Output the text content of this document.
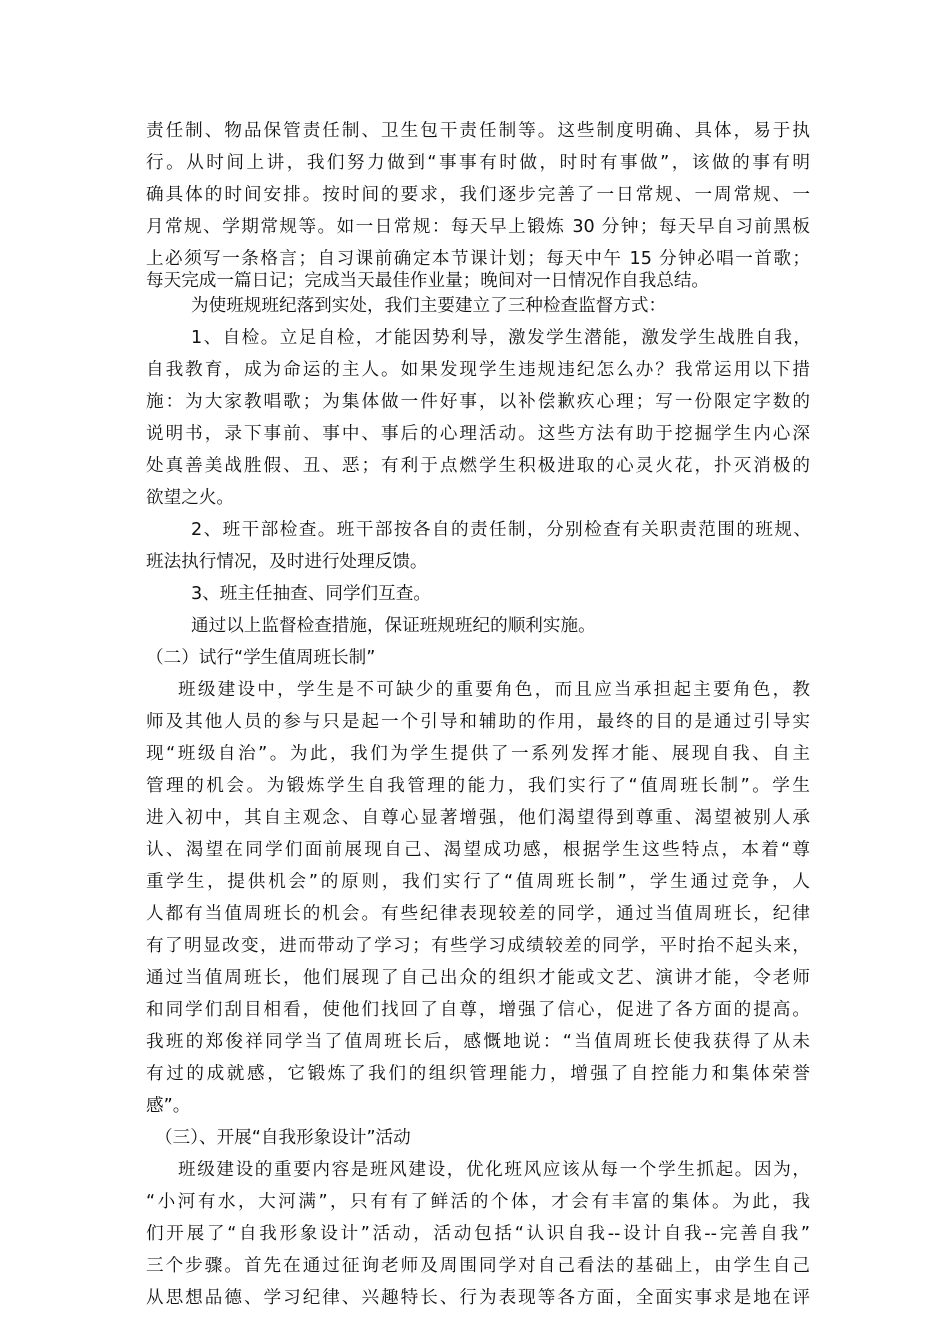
责任制、物品保管责任制、卫生包干责任制等。这些制度明确、具体，易于执
行。从时间上讲，我们努力做到“事事有时做，时时有事做”，该做的事有明
确具体的时间安排。按时间的要求，我们逐步完善了一日常规、一周常规、一
月常规、学期常规等。如一日常规：每天早上锻炼 30 分钟；每天早自习前黑板
上必须写一条格言；自习课前确定本节课计划；每天中午 15 分钟必唱一首歌；
每天完成一篇日记；完成当天最佳作业量；晚间对一日情况作自我总结。
为使班规班纪落到实处，我们主要建立了三种检查监督方式：
1、自检。立足自检，才能因势利导，激发学生潜能，激发学生战胜自我，
自我教育，成为命运的主人。如果发现学生违规违纪怎么办？我常运用以下措
施：为大家教唱歌；为集体做一件好事，以补偿歉疚心理；写一份限定字数的
说明书，录下事前、事中、事后的心理活动。这些方法有助于挖掘学生内心深
处真善美战胜假、丑、恶；有利于点燃学生积极进取的心灵火花，扑灭消极的
欲望之火。
2、班干部检查。班干部按各自的责任制，分别检查有关职责范围的班规、
班法执行情况，及时进行处理反馈。
3、班主任抽查、同学们互查。
通过以上监督检查措施，保证班规班纪的顺利实施。
（二）试行“学生值周班长制”
班级建设中，学生是不可缺少的重要角色，而且应当承担起主要角色，教
师及其他人员的参与只是起一个引导和辅助的作用，最终的目的是通过引导实
现“班级自治”。为此，我们为学生提供了一系列发挥才能、展现自我、自主
管理的机会。为锻炼学生自我管理的能力，我们实行了“值周班长制”。学生
进入初中，其自主观念、自尊心显著增强，他们渴望得到尊重、渴望被别人承
认、渴望在同学们面前展现自己、渴望成功感，根据学生这些特点，本着“尊
重学生，提供机会”的原则，我们实行了“值周班长制”，学生通过竞争，人
人都有当值周班长的机会。有些纪律表现较差的同学，通过当值周班长，纪律
有了明显改变，进而带动了学习；有些学习成绩较差的同学，平时抬不起头来，
通过当值周班长，他们展现了自己出众的组织才能或文艺、演讲才能，令老师
和同学们刮目相看，使他们找回了自尊，增强了信心，促进了各方面的提高。
我班的郑俊祥同学当了值周班长后，感慨地说：“当值周班长使我获得了从未
有过的成就感，它锻炼了我们的组织管理能力，增强了自控能力和集体荣誉
感”。
（三）、开展“自我形象设计”活动
班级建设的重要内容是班风建设，优化班风应该从每一个学生抓起。因为，
“小河有水，大河满”，只有有了鲜活的个体，才会有丰富的集体。为此，我
们开展了“自我形象设计”活动，活动包括“认识自我--设计自我--完善自我”
三个步骤。首先在通过征询老师及周围同学对自己看法的基础上，由学生自己
从思想品德、学习纪律、兴趣特长、行为表现等各方面，全面实事求是地在评
